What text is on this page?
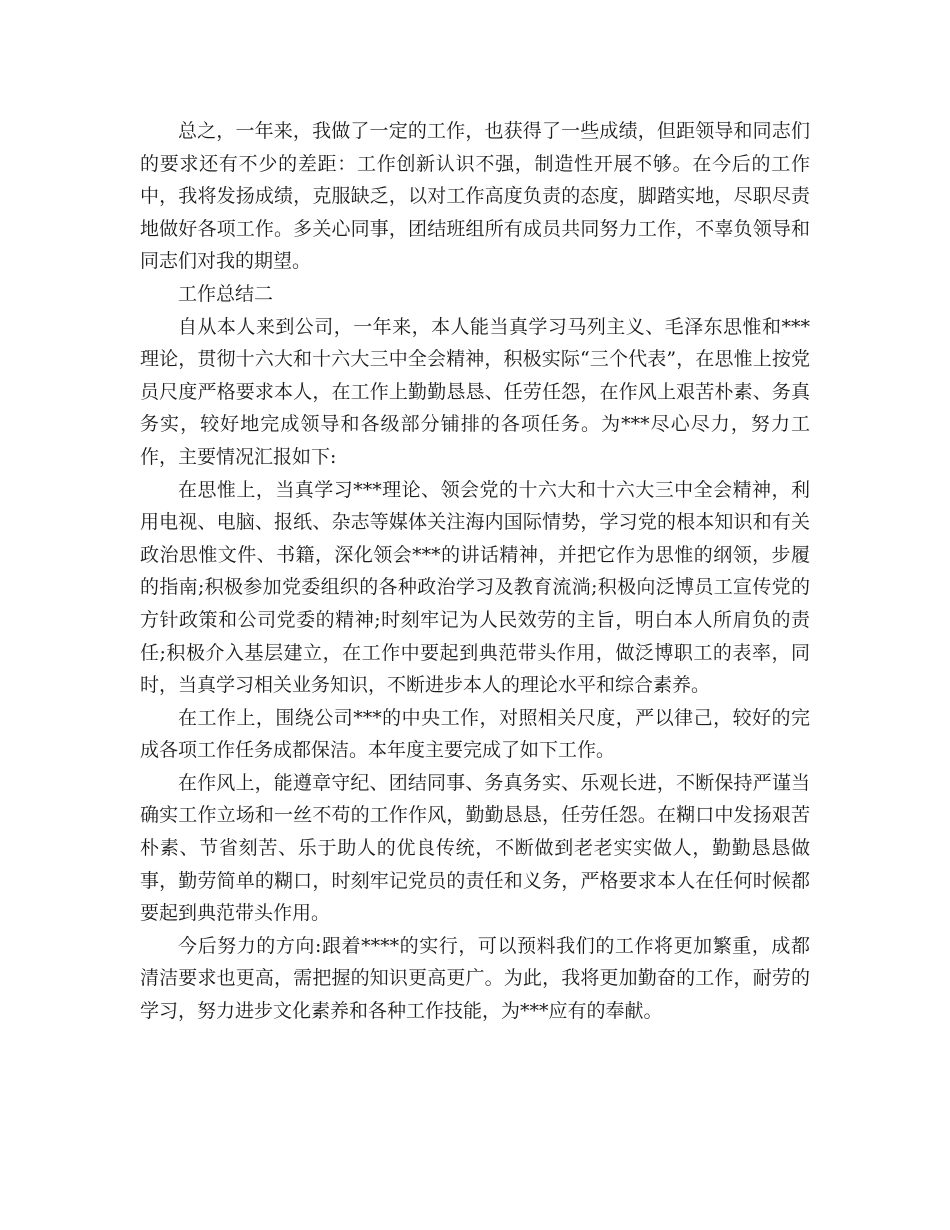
总之，一年来，我做了一定的工作，也获得了一些成绩，但距领导和同志们的要求还有不少的差距：工作创新认识不强，制造性开展不够。在今后的工作中，我将发扬成绩，克服缺乏，以对工作高度负责的态度，脚踏实地，尽职尽责地做好各项工作。多关心同事，团结班组所有成员共同努力工作，不辜负领导和同志们对我的期望。

工作总结二

自从本人来到公司，一年来，本人能当真学习马列主义、毛泽东思惟和***理论，贯彻十六大和十六大三中全会精神，积极实际“三个代表”，在思惟上按党员尺度严格要求本人，在工作上勤勤恳恳、任劳任怨，在作风上艰苦朴素、务真务实，较好地完成领导和各级部分铺排的各项任务。为***尽心尽力，努力工作，主要情况汇报如下:

在思惟上，当真学习***理论、领会党的十六大和十六大三中全会精神，利用电视、电脑、报纸、杂志等媒体关注海内国际情势，学习党的根本知识和有关政治思惟文件、书籍，深化领会***的讲话精神，并把它作为思惟的纲领，步履的指南;积极参加党委组织的各种政治学习及教育流淌;积极向泛博员工宣传党的方针政策和公司党委的精神;时刻牢记为人民效劳的主旨，明白本人所肩负的责任;积极介入基层建立，在工作中要起到典范带头作用，做泛博职工的表率，同时，当真学习相关业务知识，不断进步本人的理论水平和综合素养。

在工作上，围绕公司***的中央工作，对照相关尺度，严以律己，较好的完成各项工作任务成都保洁。本年度主要完成了如下工作。

在作风上，能遵章守纪、团结同事、务真务实、乐观长进，不断保持严谨当确实工作立场和一丝不苟的工作作风，勤勤恳恳，任劳任怨。在糊口中发扬艰苦朴素、节省刻苦、乐于助人的优良传统，不断做到老老实实做人，勤勤恳恳做事，勤劳简单的糊口，时刻牢记党员的责任和义务，严格要求本人在任何时候都要起到典范带头作用。

今后努力的方向:跟着****的实行，可以预料我们的工作将更加繁重，成都清洁要求也更高，需把握的知识更高更广。为此，我将更加勤奋的工作，耐劳的学习，努力进步文化素养和各种工作技能，为***应有的奉献。
